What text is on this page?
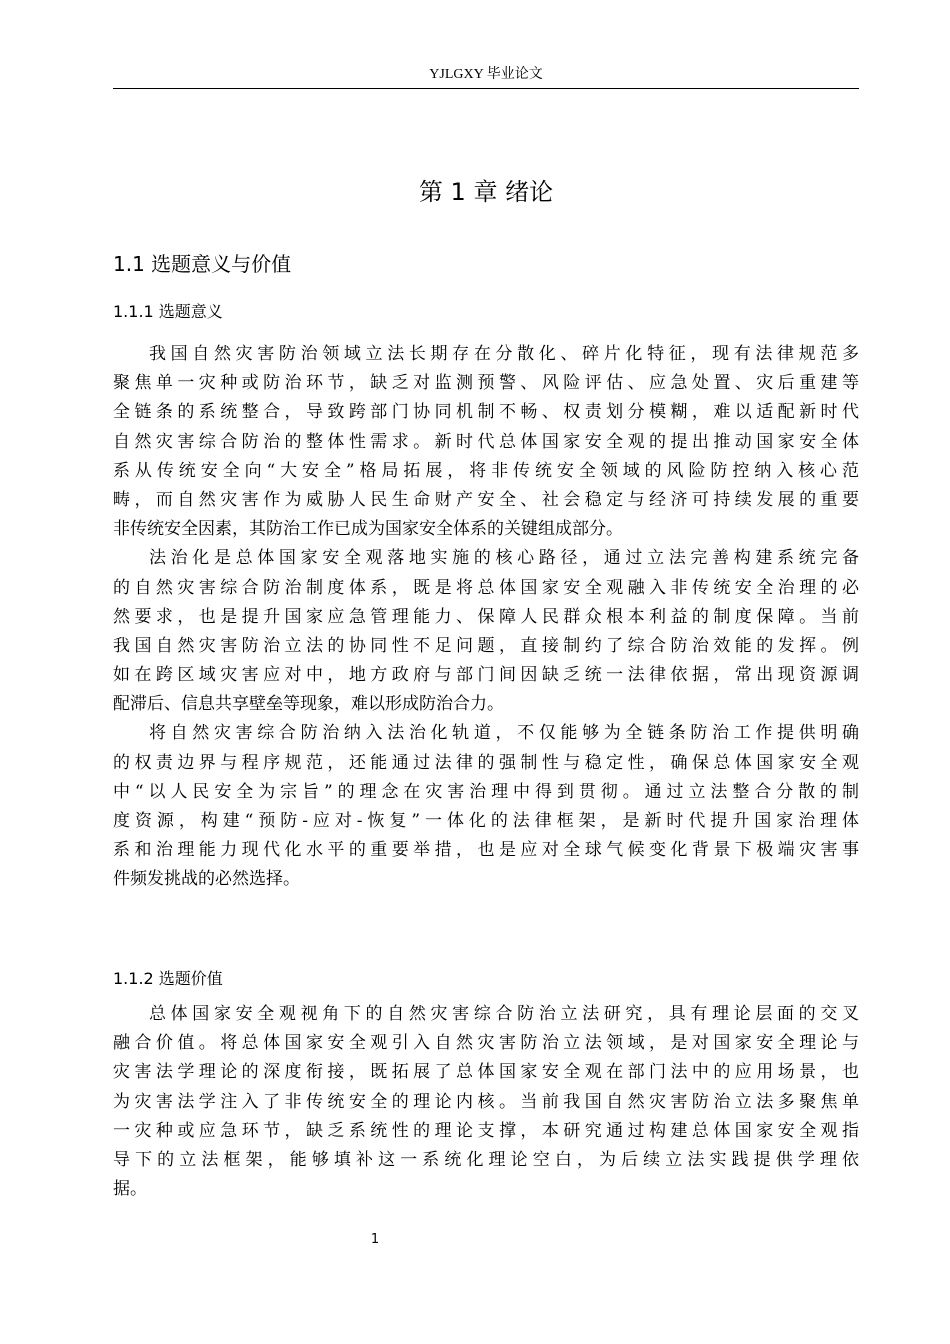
YJLGXY 毕业论文
第 1 章 绪论
1.1 选题意义与价值
1.1.1 选题意义
我国自然灾害防治领域立法长期存在分散化、碎片化特征，现有法律规范多
聚焦单一灾种或防治环节，缺乏对监测预警、风险评估、应急处置、灾后重建等
全链条的系统整合，导致跨部门协同机制不畅、权责划分模糊，难以适配新时代
自然灾害综合防治的整体性需求。新时代总体国家安全观的提出推动国家安全体
系从传统安全向“大安全”格局拓展，将非传统安全领域的风险防控纳入核心范
畴，而自然灾害作为威胁人民生命财产安全、社会稳定与经济可持续发展的重要
非传统安全因素，其防治工作已成为国家安全体系的关键组成部分。
法治化是总体国家安全观落地实施的核心路径，通过立法完善构建系统完备
的自然灾害综合防治制度体系，既是将总体国家安全观融入非传统安全治理的必
然要求，也是提升国家应急管理能力、保障人民群众根本利益的制度保障。当前
我国自然灾害防治立法的协同性不足问题，直接制约了综合防治效能的发挥。例
如在跨区域灾害应对中，地方政府与部门间因缺乏统一法律依据，常出现资源调
配滞后、信息共享壁垒等现象，难以形成防治合力。
将自然灾害综合防治纳入法治化轨道，不仅能够为全链条防治工作提供明确
的权责边界与程序规范，还能通过法律的强制性与稳定性，确保总体国家安全观
中“以人民安全为宗旨”的理念在灾害治理中得到贯彻。通过立法整合分散的制
度资源，构建“预防-应对-恢复”一体化的法律框架，是新时代提升国家治理体
系和治理能力现代化水平的重要举措，也是应对全球气候变化背景下极端灾害事
件频发挑战的必然选择。
1.1.2 选题价值
总体国家安全观视角下的自然灾害综合防治立法研究，具有理论层面的交叉
融合价值。将总体国家安全观引入自然灾害防治立法领域，是对国家安全理论与
灾害法学理论的深度衔接，既拓展了总体国家安全观在部门法中的应用场景，也
为灾害法学注入了非传统安全的理论内核。当前我国自然灾害防治立法多聚焦单
一灾种或应急环节，缺乏系统性的理论支撑，本研究通过构建总体国家安全观指
导下的立法框架，能够填补这一系统化理论空白，为后续立法实践提供学理依
据。
1
